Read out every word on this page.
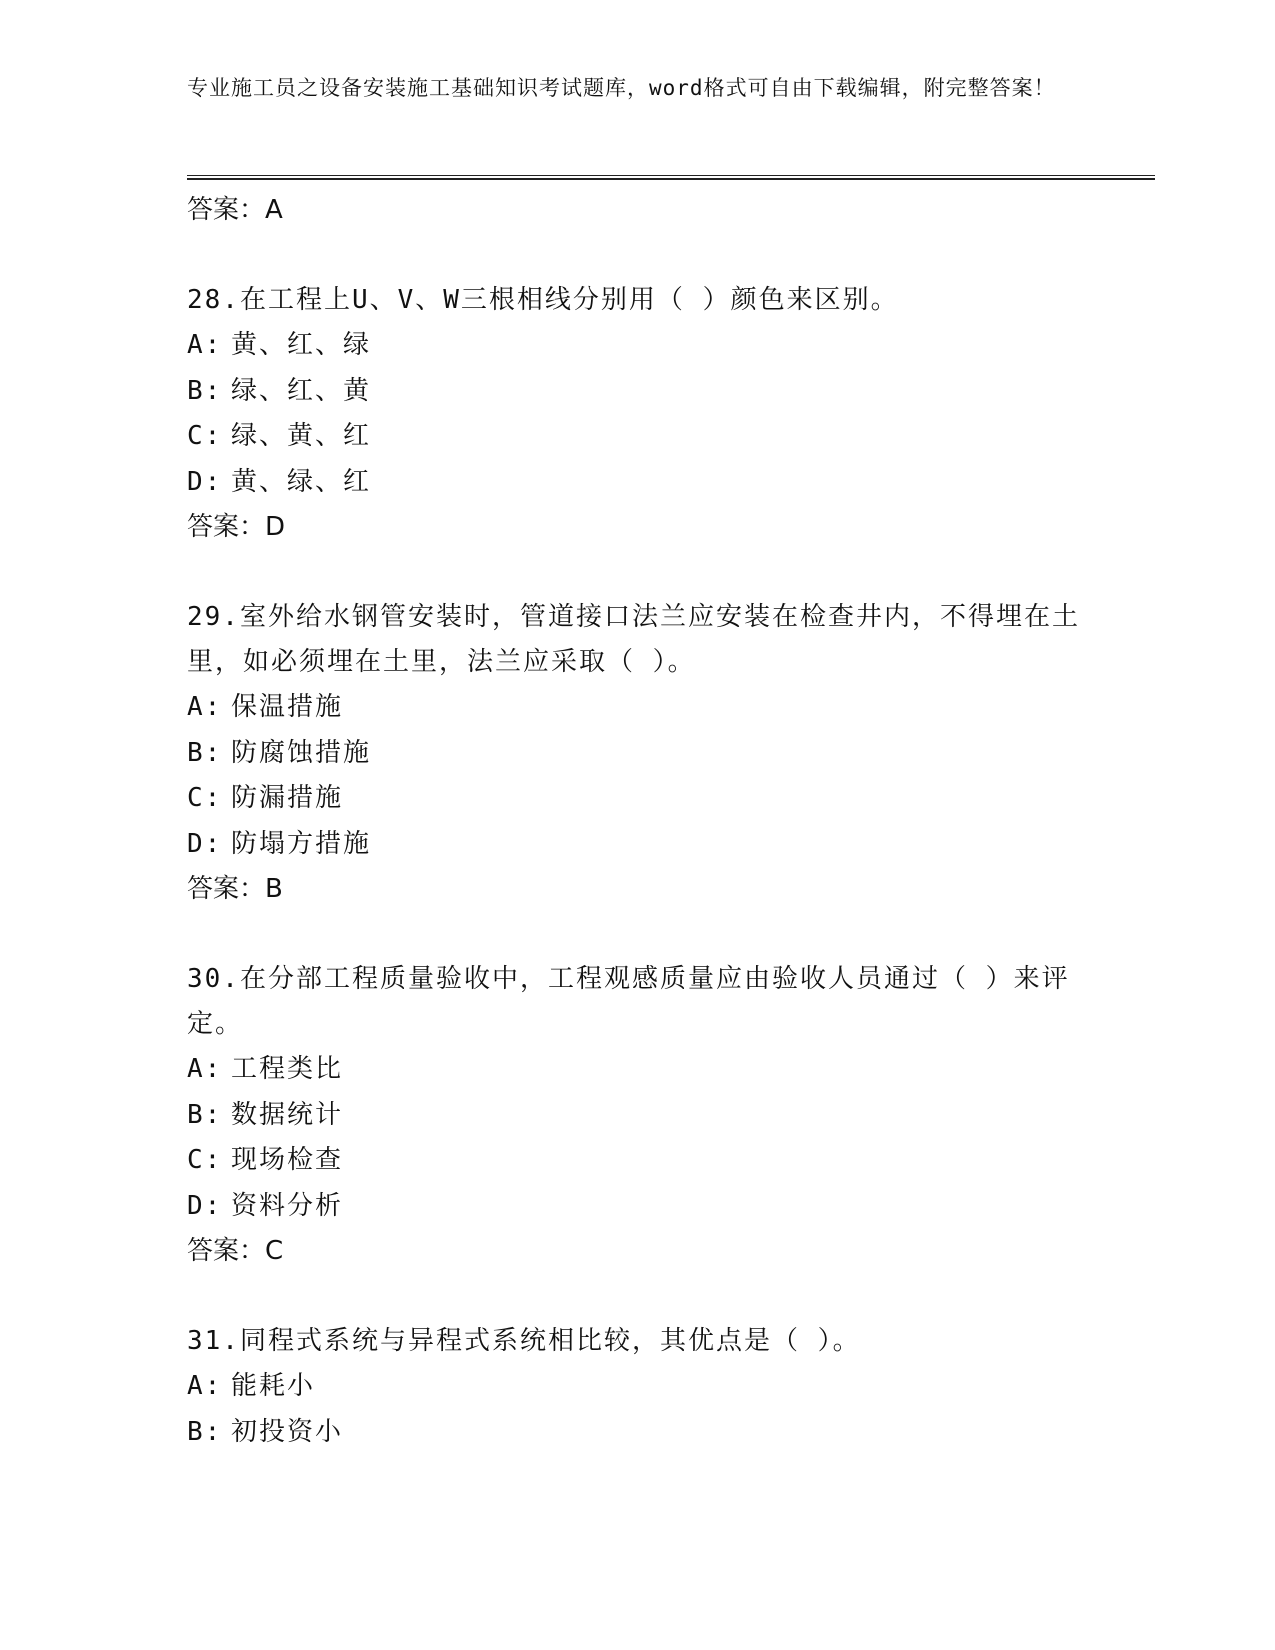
专业施工员之设备安装施工基础知识考试题库，word格式可自由下载编辑，附完整答案！

答案：A

28.在工程上U、V、W三根相线分别用（ ）颜色来区别。

A: 黄、红、绿

B: 绿、红、黄

C: 绿、黄、红

D: 黄、绿、红

答案：D

29.室外给水钢管安装时，管道接口法兰应安装在检查井内，不得埋在土里，如必须埋在土里，法兰应采取（ ）。

A: 保温措施

B: 防腐蚀措施

C: 防漏措施

D: 防塌方措施

答案：B

30.在分部工程质量验收中，工程观感质量应由验收人员通过（ ）来评定。

A: 工程类比

B: 数据统计

C: 现场检查

D: 资料分析

答案：C

31.同程式系统与异程式系统相比较，其优点是（ ）。

A: 能耗小

B: 初投资小
